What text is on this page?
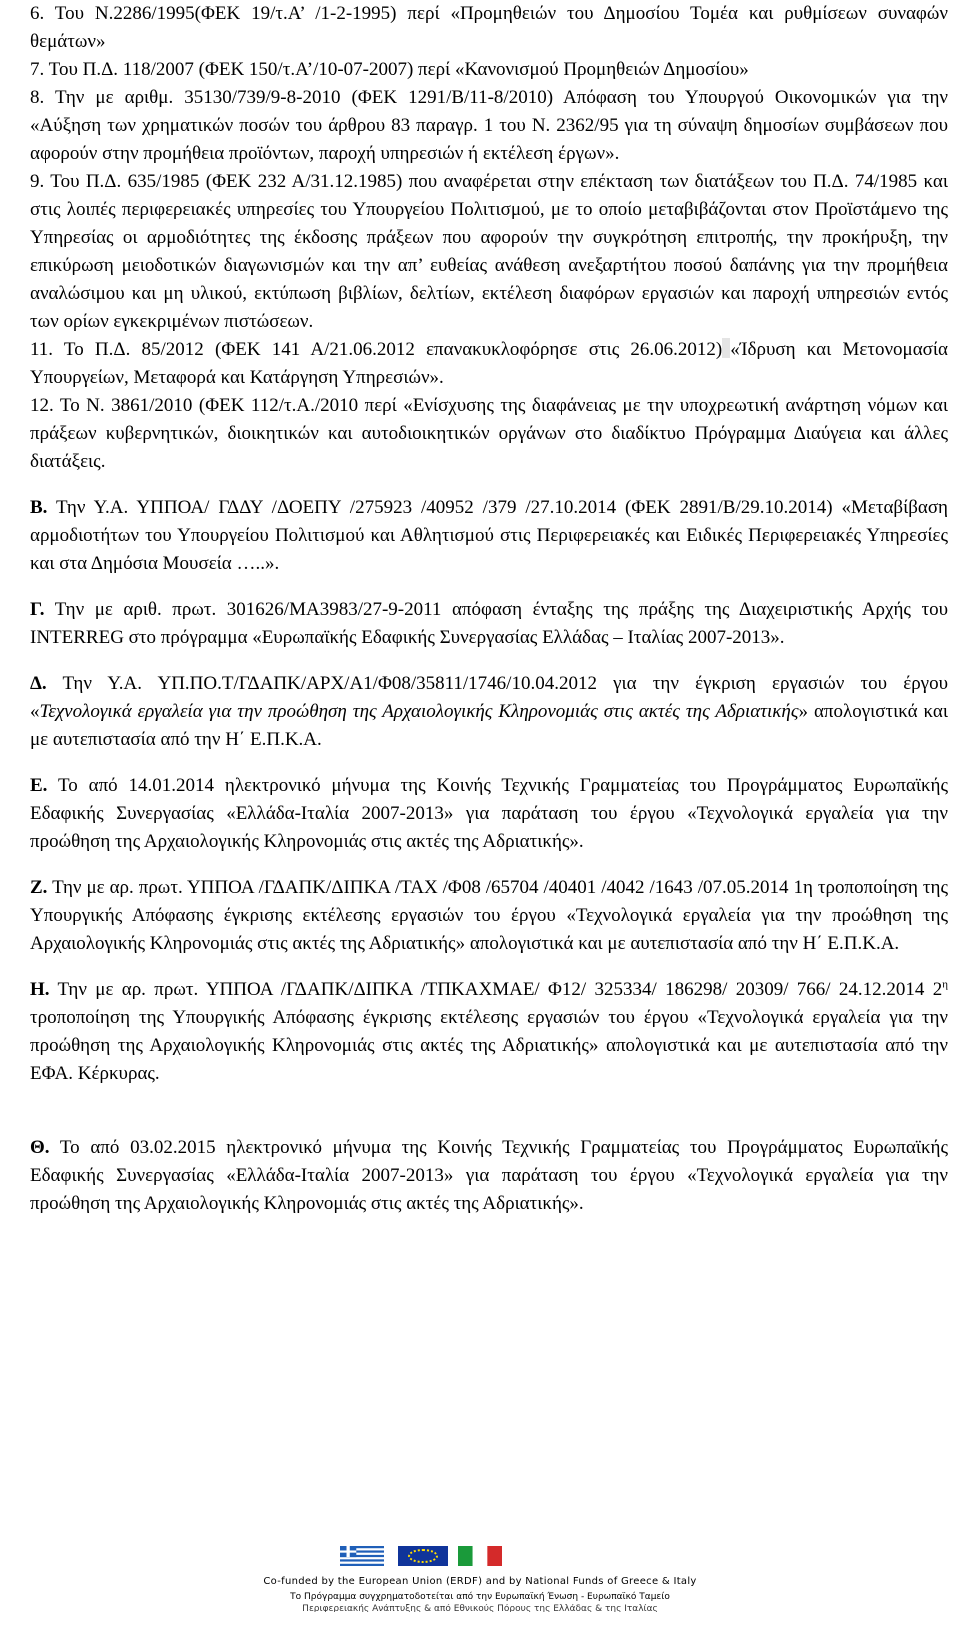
6. Του Ν.2286/1995(ΦΕΚ 19/τ.Α’ /1-2-1995) περί «Προμηθειών του Δημοσίου Τομέα και ρυθμίσεων συναφών θεμάτων»

7. Του Π.Δ. 118/2007 (ΦΕΚ 150/τ.Α’/10-07-2007) περί «Κανονισμού Προμηθειών Δημοσίου»

8. Την με αριθμ. 35130/739/9-8-2010 (ΦΕΚ 1291/Β/11-8/2010) Απόφαση του Υπουργού Οικονομικών για την «Αύξηση των χρηματικών ποσών του άρθρου 83 παραγρ. 1 του Ν. 2362/95 για τη σύναψη δημοσίων συμβάσεων που αφορούν στην προμήθεια προϊόντων, παροχή υπηρεσιών ή εκτέλεση έργων».

9. Του Π.Δ. 635/1985 (ΦΕΚ 232 Α/31.12.1985) που αναφέρεται στην επέκταση των διατάξεων του Π.Δ. 74/1985 και στις λοιπές περιφερειακές υπηρεσίες του Υπουργείου Πολιτισμού, με το οποίο μεταβιβάζονται στον Προϊστάμενο της Υπηρεσίας οι αρμοδιότητες της έκδοσης πράξεων που αφορούν την συγκρότηση επιτροπής, την προκήρυξη, την επικύρωση μειοδοτικών διαγωνισμών και την απ’ ευθείας ανάθεση ανεξαρτήτου ποσού δαπάνης για την προμήθεια αναλώσιμου και μη υλικού, εκτύπωση βιβλίων, δελτίων, εκτέλεση διαφόρων εργασιών και παροχή υπηρεσιών εντός των ορίων εγκεκριμένων πιστώσεων.

11. Το Π.Δ. 85/2012 (ΦΕΚ 141 Α/21.06.2012 επανακυκλοφόρησε στις 26.06.2012) «Ίδρυση και Μετονομασία Υπουργείων, Μεταφορά και Κατάργηση Υπηρεσιών».

12. Το Ν. 3861/2010 (ΦΕΚ 112/τ.Α./2010 περί «Ενίσχυσης της διαφάνειας με την υποχρεωτική ανάρτηση νόμων και πράξεων κυβερνητικών, διοικητικών και αυτοδιοικητικών οργάνων στο διαδίκτυο Πρόγραμμα Διαύγεια και άλλες διατάξεις.

Β. Την Υ.Α. ΥΠΠΟΑ/ ΓΔΔΥ /ΔΟΕΠΥ /275923 /40952 /379 /27.10.2014 (ΦΕΚ 2891/Β/29.10.2014) «Μεταβίβαση αρμοδιοτήτων του Υπουργείου Πολιτισμού και Αθλητισμού στις Περιφερειακές και Ειδικές Περιφερειακές Υπηρεσίες και στα Δημόσια Μουσεία …..».

Γ. Την με αριθ. πρωτ. 301626/ΜΑ3983/27-9-2011 απόφαση ένταξης της πράξης της Διαχειριστικής Αρχής του INTERREG στο πρόγραμμα «Ευρωπαϊκής Εδαφικής Συνεργασίας Ελλάδας – Ιταλίας 2007-2013».

Δ. Την Υ.Α. ΥΠ.ΠΟ.Τ/ΓΔΑΠΚ/ΑΡΧ/Α1/Φ08/35811/1746/10.04.2012 για την έγκριση εργασιών του έργου «Τεχνολογικά εργαλεία για την προώθηση της Αρχαιολογικής Κληρονομιάς στις ακτές της Αδριατικής» απολογιστικά και με αυτεπιστασία από την Η΄ Ε.Π.Κ.Α.

Ε. Το από 14.01.2014 ηλεκτρονικό μήνυμα της Κοινής Τεχνικής Γραμματείας του Προγράμματος Ευρωπαϊκής Εδαφικής Συνεργασίας «Ελλάδα-Ιταλία 2007-2013» για παράταση του έργου «Τεχνολογικά εργαλεία για την προώθηση της Αρχαιολογικής Κληρονομιάς στις ακτές της Αδριατικής».

Ζ. Την με αρ. πρωτ. ΥΠΠΟΑ /ΓΔΑΠΚ/ΔΙΠΚΑ /ΤΑΧ /Φ08 /65704 /40401 /4042 /1643 /07.05.2014 1η τροποποίηση της Υπουργικής Απόφασης έγκρισης εκτέλεσης εργασιών του έργου «Τεχνολογικά εργαλεία για την προώθηση της Αρχαιολογικής Κληρονομιάς στις ακτές της Αδριατικής» απολογιστικά και με αυτεπιστασία από την Η΄ Ε.Π.Κ.Α.

Η. Την με αρ. πρωτ. ΥΠΠΟΑ /ΓΔΑΠΚ/ΔΙΠΚΑ /ΤΠΚΑΧΜΑΕ/ Φ12/ 325334/ 186298/ 20309/ 766/ 24.12.2014 $2^\eta$ τροποποίηση της Υπουργικής Απόφασης έγκρισης εκτέλεσης εργασιών του έργου «Τεχνολογικά εργαλεία για την προώθηση της Αρχαιολογικής Κληρονομιάς στις ακτές της Αδριατικής» απολογιστικά και με αυτεπιστασία από την ΕΦΑ. Κέρκυρας.

Θ. Το από 03.02.2015 ηλεκτρονικό μήνυμα της Κοινής Τεχνικής Γραμματείας του Προγράμματος Ευρωπαϊκής Εδαφικής Συνεργασίας «Ελλάδα-Ιταλία 2007-2013» για παράταση του έργου «Τεχνολογικά εργαλεία για την προώθηση της Αρχαιολογικής Κληρονομιάς στις ακτές της Αδριατικής».

Co-funded by the European Union (ERDF) and by National Funds of Greece & Italy
Το Πρόγραμμα συγχρηματοδοτείται από την Ευρωπαϊκή Ένωση - Ευρωπαϊκό Ταμείο
Περιφερειακής Ανάπτυξης & από Εθνικούς Πόρους της Ελλάδας & της Ιταλίας
